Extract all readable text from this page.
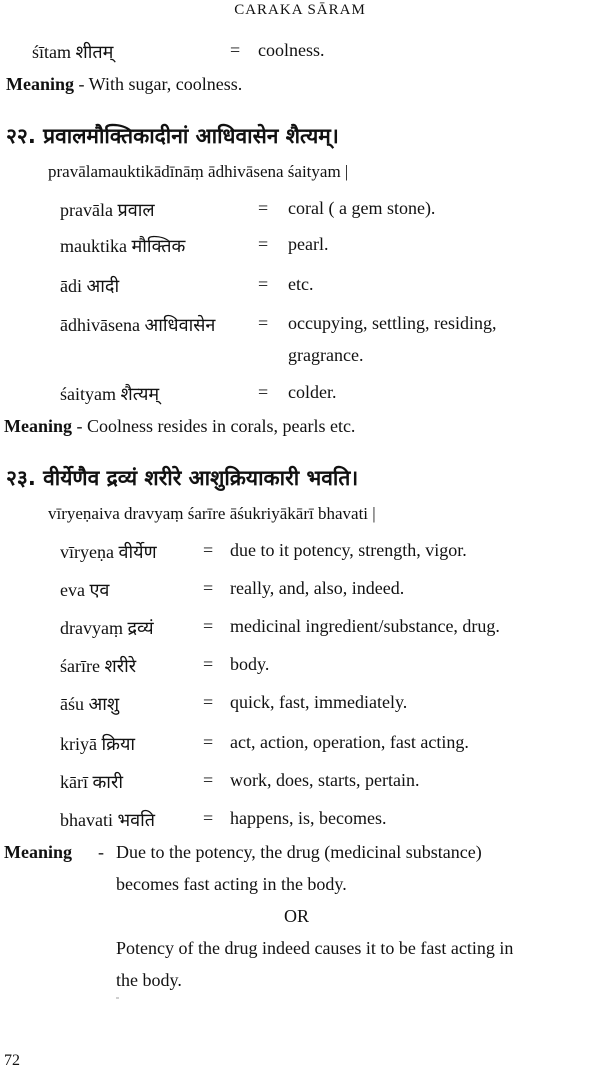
CARAKA SĀRAM
śītam शीतम्	= coolness.
Meaning - With sugar, coolness.
२२. प्रवालमौक्तिकादीनां आधिवासेन शैत्यम्।
pravālamauktikādīnāṃ ādhivāsena śaityam |
pravāla प्रवाल	= coral ( a gem stone).
mauktika मौक्तिक	= pearl.
ādi आदी	= etc.
ādhivāsena आधिवासेन = occupying, settling, residing,
gragrance.
śaityam शैत्यम्	= colder.
Meaning - Coolness resides in corals, pearls etc.
२३. वीर्येणैव द्रव्यं शरीरे आशुक्रियाकारी भवति।
vīryeṇaiva dravyaṃ śarīre āśukriyākārī bhavati |
vīryeṇa वीर्येण	= due to it potency, strength, vigor.
eva एव	= really, and, also, indeed.
dravyaṃ द्रव्यं	= medicinal ingredient/substance, drug.
śarīre शरीरे	= body.
āśu आशु	= quick, fast, immediately.
kriyā क्रिया	= act, action, operation, fast acting.
kārī कारी	= work, does, starts, pertain.
bhavati भवति	= happens, is, becomes.
Meaning - Due to the potency, the drug (medicinal substance)
becomes fast acting in the body.
OR
Potency of the drug indeed causes it to be fast acting in
the body.
72
